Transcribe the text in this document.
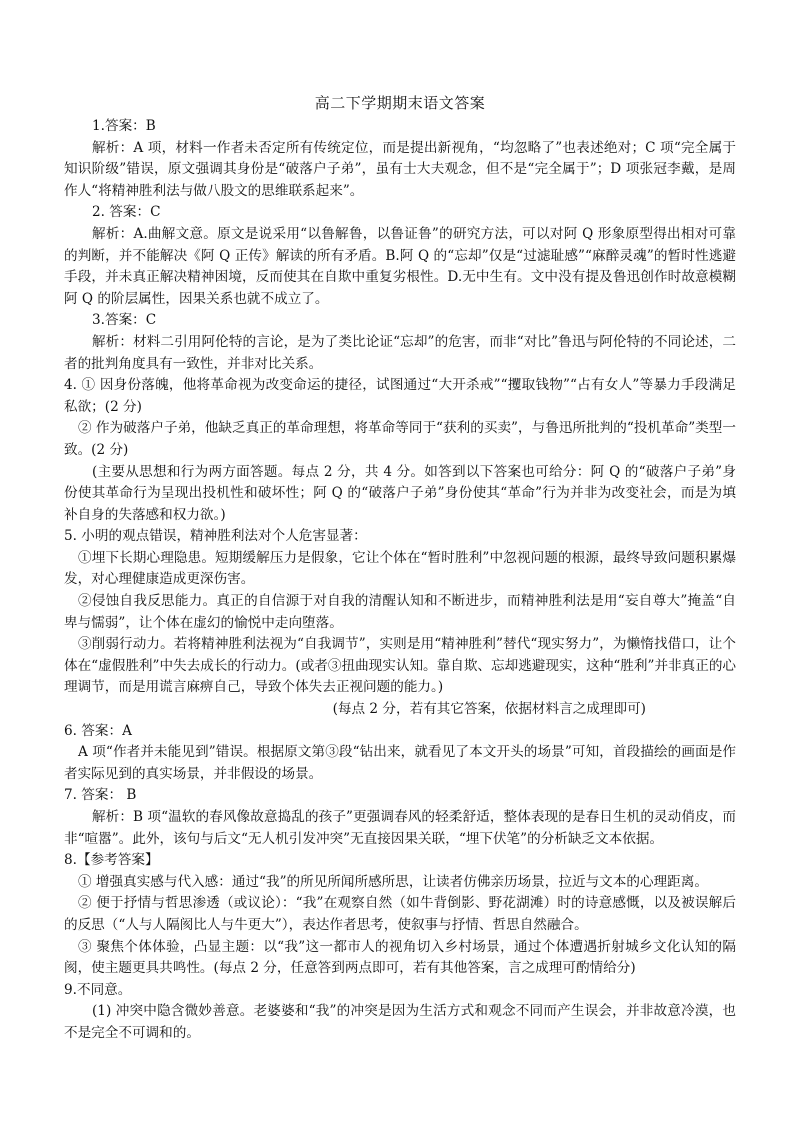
高二下学期期末语文答案

1.答案：B

解析：A 项，材料一作者未否定所有传统定位，而是提出新视角，“均忽略了”也表述绝对；C 项“完全属于知识阶级”错误，原文强调其身份是“破落户子弟”，虽有士大夫观念，但不是“完全属于”；D 项张冠李戴，是周作人“将精神胜利法与做八股文的思维联系起来”。

2. 答案：C

解析：A.曲解文意。原文是说采用“以鲁解鲁，以鲁证鲁”的研究方法，可以对阿 Q 形象原型得出相对可靠的判断，并不能解决《阿 Q 正传》解读的所有矛盾。B.阿 Q 的“忘却”仅是“过滤耻感”“麻醉灵魂”的暂时性逃避手段，并未真正解决精神困境，反而使其在自欺中重复劣根性。D.无中生有。文中没有提及鲁迅创作时故意模糊阿 Q 的阶层属性，因果关系也就不成立了。

3.答案：C

解析：材料二引用阿伦特的言论，是为了类比论证“忘却”的危害，而非“对比”鲁迅与阿伦特的不同论述，二者的批判角度具有一致性，并非对比关系。

4. ① 因身份落魄，他将革命视为改变命运的捷径，试图通过“大开杀戒”“攫取钱物”“占有女人”等暴力手段满足私欲；(2 分)

② 作为破落户子弟，他缺乏真正的革命理想，将革命等同于“获利的买卖”，与鲁迅所批判的“投机革命”类型一致。(2 分)

(主要从思想和行为两方面答题。每点 2 分，共 4 分。如答到以下答案也可给分：阿 Q 的“破落户子弟”身份使其革命行为呈现出投机性和破坏性；阿 Q 的“破落户子弟”身份使其“革命”行为并非为改变社会，而是为填补自身的失落感和权力欲。)

5. 小明的观点错误，精神胜利法对个人危害显著：

①埋下长期心理隐患。短期缓解压力是假象，它让个体在“暂时胜利”中忽视问题的根源，最终导致问题积累爆发，对心理健康造成更深伤害。

②侵蚀自我反思能力。真正的自信源于对自我的清醒认知和不断进步，而精神胜利法是用“妄自尊大”掩盖“自卑与懦弱”，让个体在虚幻的愉悦中走向堕落。

③削弱行动力。若将精神胜利法视为“自我调节”，实则是用“精神胜利”替代“现实努力”，为懒惰找借口，让个体在“虚假胜利”中失去成长的行动力。(或者③扭曲现实认知。靠自欺、忘却逃避现实，这种“胜利”并非真正的心理调节，而是用谎言麻痹自己，导致个体失去正视问题的能力。)

(每点 2 分，若有其它答案，依据材料言之成理即可)

6. 答案：A

A 项“作者并未能见到”错误。根据原文第③段“钻出来，就看见了本文开头的场景”可知，首段描绘的画面是作者实际见到的真实场景，并非假设的场景。

7. 答案： B

解析：B 项“温软的春风像故意捣乱的孩子”更强调春风的轻柔舒适，整体表现的是春日生机的灵动俏皮，而非“喧嚣”。此外，该句与后文“无人机引发冲突”无直接因果关联，“埋下伏笔”的分析缺乏文本依据。

8.【参考答案】

① 增强真实感与代入感：通过“我”的所见所闻所感所思，让读者仿佛亲历场景，拉近与文本的心理距离。

② 便于抒情与哲思渗透（或议论）：“我”在观察自然（如牛背倒影、野花湖滩）时的诗意感慨，以及被误解后的反思（“人与人隔阂比人与牛更大”），表达作者思考，使叙事与抒情、哲思自然融合。

③ 聚焦个体体验，凸显主题：以“我”这一都市人的视角切入乡村场景，通过个体遭遇折射城乡文化认知的隔阂，使主题更具共鸣性。(每点 2 分，任意答到两点即可，若有其他答案，言之成理可酌情给分)

9.不同意。

(1) 冲突中隐含微妙善意。老婆婆和“我”的冲突是因为生活方式和观念不同而产生误会，并非故意冷漠，也不是完全不可调和的。
